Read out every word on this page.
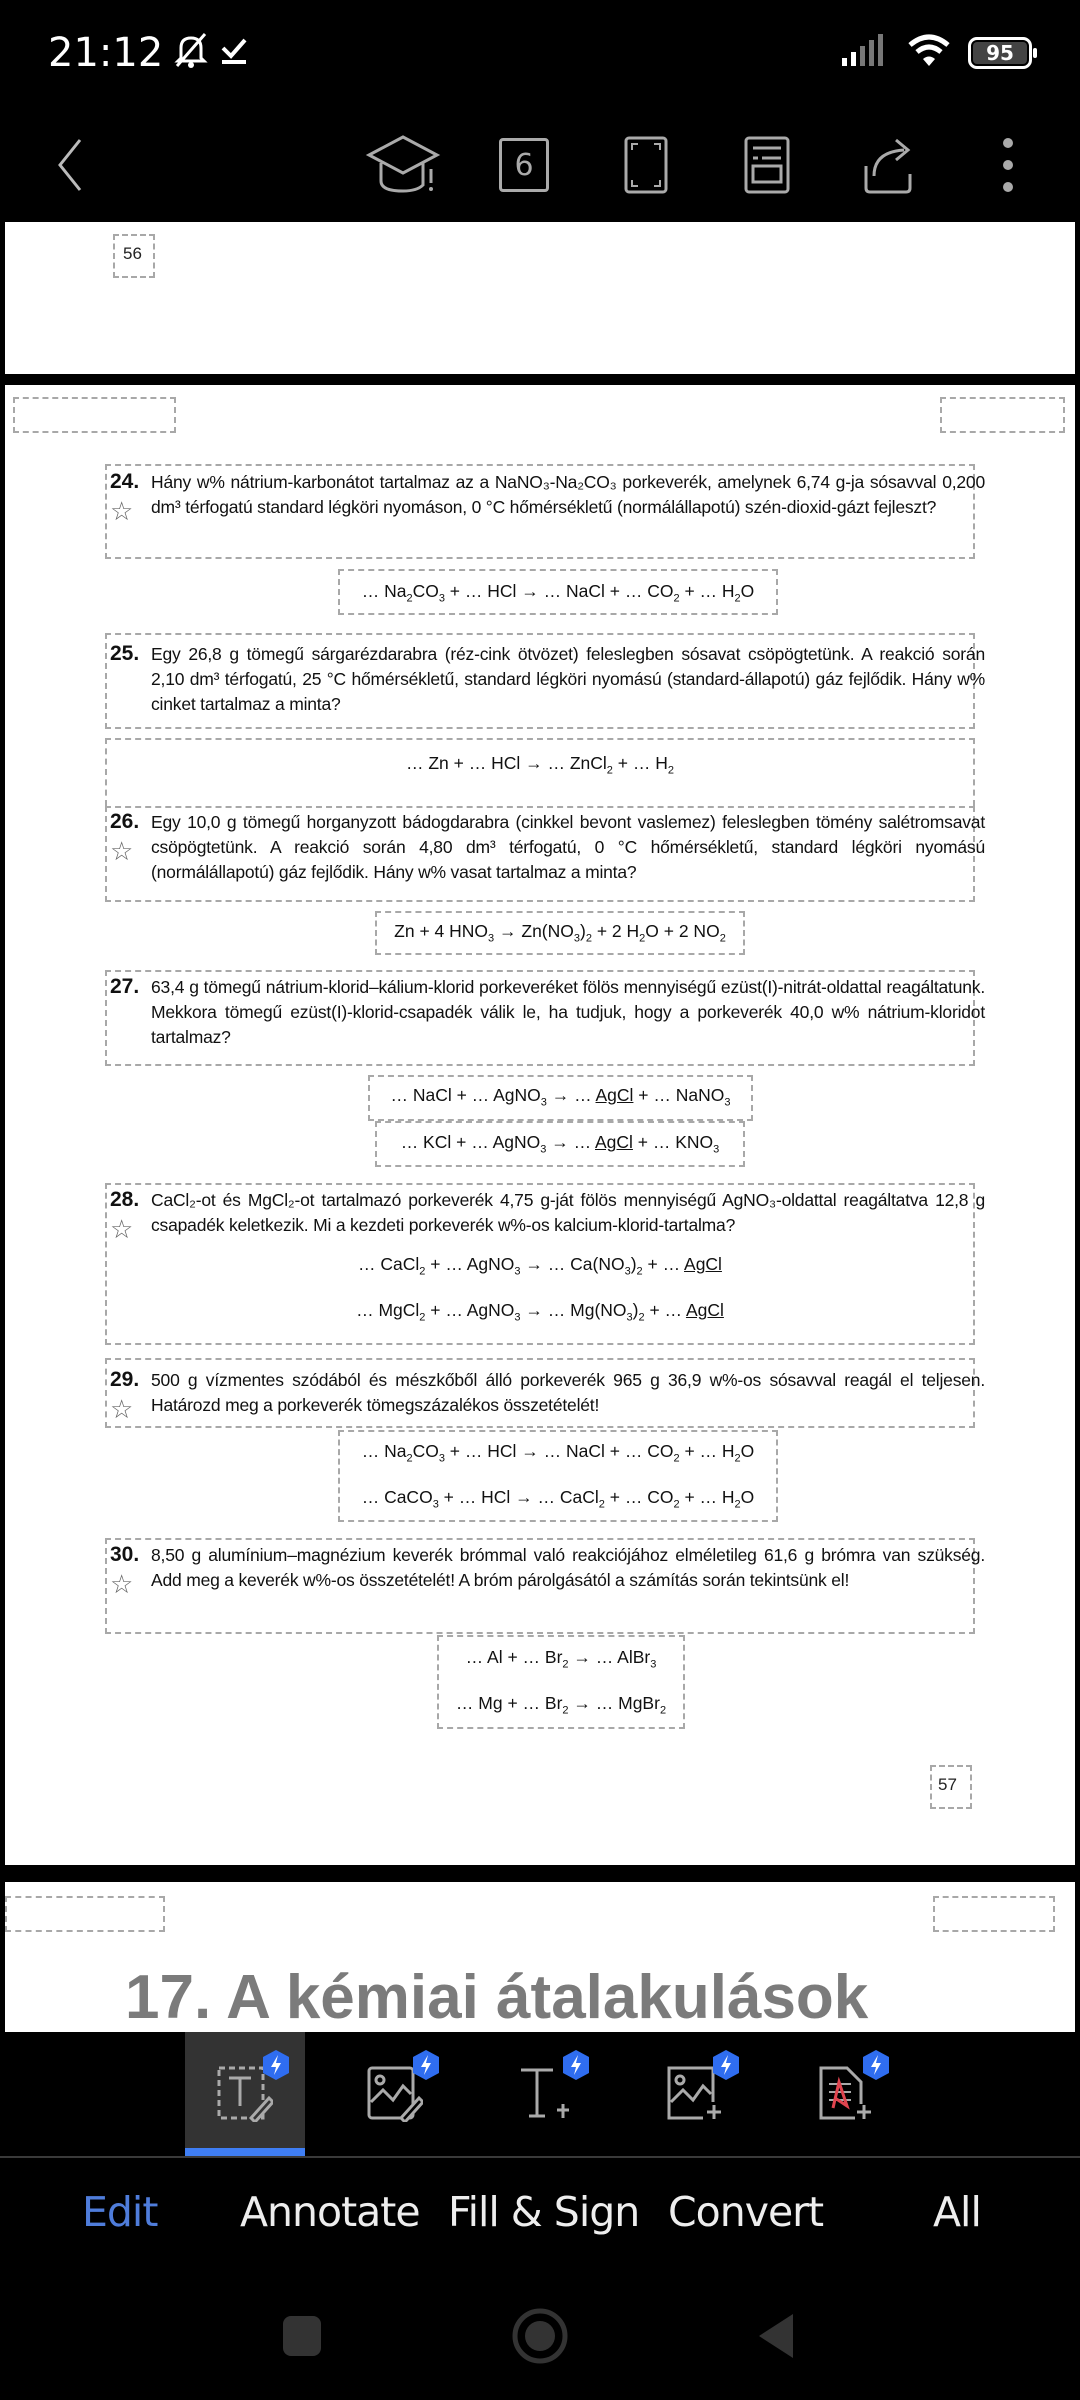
21:12	95
6
56
24.
☆

Hány w% nátrium-karbonátot tartalmaz az a NaNO₃-Na₂CO₃ porkeverék, amelynek 6,74 g-ja sósavval 0,200 dm³ térfogatú standard légköri nyomáson, 0 °C hőmérsékletű (normálállapotú) szén-dioxid-gázt fejleszt?

… $Na_2CO_3$ + … HCl → … NaCl + … $CO_2$ + … $H_2O$
25. Egy 26,8 g tömegű sárgarézdarabra (réz-cink ötvözet) feleslegben sósavat csöpögtetünk. A reakció során 2,10 dm³ térfogatú, 25 °C hőmérsékletű, standard légköri nyomású (standard-állapotú) gáz fejlődik. Hány w% cinket tartalmaz a minta?

… Zn + … HCl → … ZnCl$_2$ + … $H_2$
26.
☆

Egy 10,0 g tömegű horganyzott bádogdarabra (cinkkel bevont vaslemez) feleslegben tömény salétromsavat csöpögtetünk. A reakció során 4,80 dm³ térfogatú, 0 °C hőmérsékletű, standard légköri nyomású (normálállapotú) gáz fejlődik. Hány w% vasat tartalmaz a minta?

Zn + 4 $HNO_3 \to Zn(NO_3)_2 + 2$ $H_2O + 2$ $NO_2$
27. 63,4 g tömegű nátrium-klorid–kálium-klorid porkeveréket fölös mennyiségű ezüst(I)-nitrát-oldattal reagáltatunk. Mekkora tömegű ezüst(I)-klorid-csapadék válik le, ha tudjuk, hogy a porkeverék 40,0 w% nátrium-kloridot tartalmaz?

… NaCl + … AgNO$_3$ → … AgCl + … NaNO$_3$
… KCl + … AgNO$_3$ → … AgCl + … $KNO_3$
28.
☆

CaCl₂-ot és MgCl₂-ot tartalmazó porkeverék 4,75 g-ját fölös mennyiségű AgNO₃-oldattal reagáltatva 12,8 g csapadék keletkezik. Mi a kezdeti porkeverék w%-os kalcium-klorid-tartalma?

… CaCl$_2$ + … AgNO$_3$ → … $Ca(NO_3)_2$ + … AgCl
… MgCl$_2$ + … AgNO$_3$ → … $Mg(NO_3)_2$ + … AgCl
29.
☆

500 g vízmentes szódából és mészkőből álló porkeverék 965 g 36,9 w%-os sósavval reagál el teljesen. Határozd meg a porkeverék tömegszázalékos összetételét!

… $Na_2CO_3$ + … HCl → … NaCl + … $CO_2$ + … $H_2O$
… CaCO$_3$ + … HCl → … CaCl$_2$ + … $CO_2$ + … $H_2O$
30.
☆

8,50 g alumínium–magnézium keverék brómmal való reakciójához elméletileg 61,6 g brómra van szükség. Add meg a keverék w%-os összetételét! A bróm párolgásától a számítás során tekintsünk el!

… Al + … $Br_2$ → … AlBr$_3$
… Mg + … $Br_2$ → … MgBr$_2$
57
17. A kémiai átalakulások
Edit Annotate Fill & Sign Convert	All
